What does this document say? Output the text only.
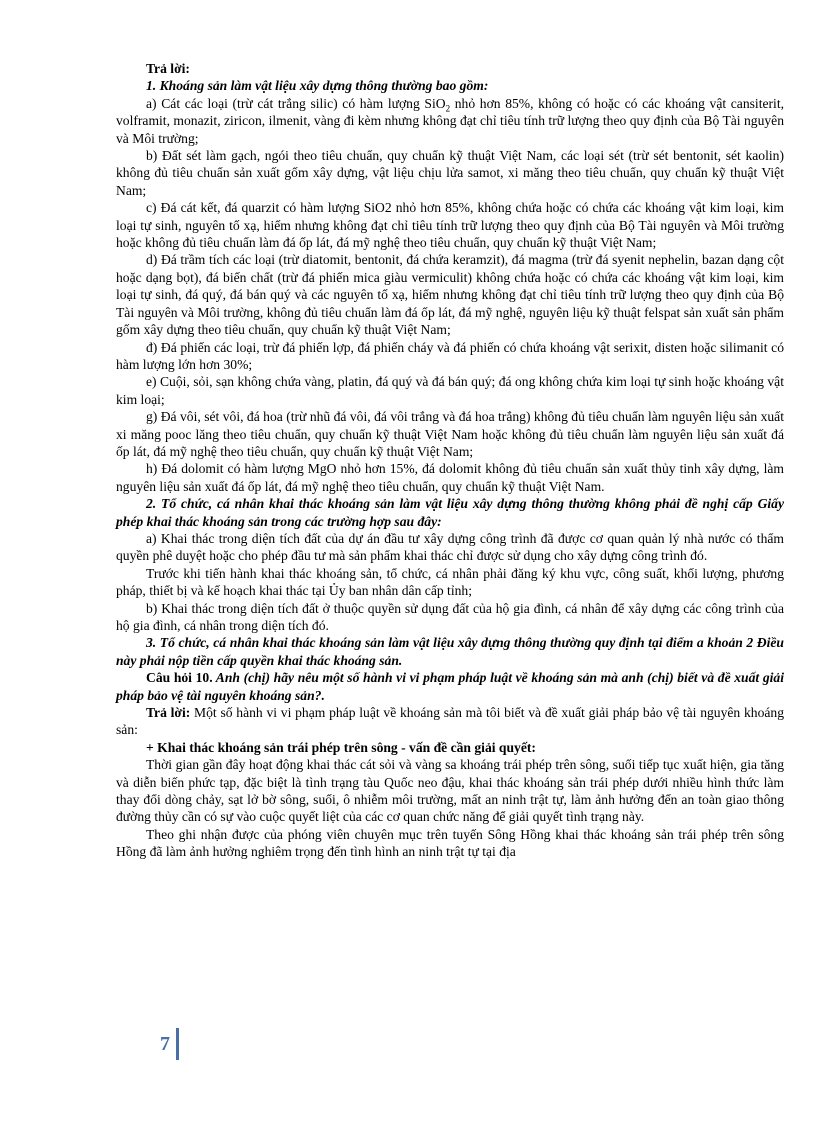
Trả lời:

1. Khoáng sản làm vật liệu xây dựng thông thường bao gồm:

a) Cát các loại (trừ cát trắng silic) có hàm lượng SiO$_2$ nhỏ hơn 85%, không có hoặc có các khoáng vật cansiterit, volframit, monazit, ziricon, ilmenit, vàng đi kèm nhưng không đạt chỉ tiêu tính trữ lượng theo quy định của Bộ Tài nguyên và Môi trường;

b) Đất sét làm gạch, ngói theo tiêu chuẩn, quy chuẩn kỹ thuật Việt Nam, các loại sét (trừ sét bentonit, sét kaolin) không đủ tiêu chuẩn sản xuất gốm xây dựng, vật liệu chịu lửa samot, xi măng theo tiêu chuẩn, quy chuẩn kỹ thuật Việt Nam;

c) Đá cát kết, đá quarzit có hàm lượng SiO2 nhỏ hơn 85%, không chứa hoặc có chứa các khoáng vật kim loại, kim loại tự sinh, nguyên tố xạ, hiếm nhưng không đạt chỉ tiêu tính trữ lượng theo quy định của Bộ Tài nguyên và Môi trường hoặc không đủ tiêu chuẩn làm đá ốp lát, đá mỹ nghệ theo tiêu chuẩn, quy chuẩn kỹ thuật Việt Nam;

d) Đá trầm tích các loại (trừ diatomit, bentonit, đá chứa keramzit), đá magma (trừ đá syenit nephelin, bazan dạng cột hoặc dạng bọt), đá biến chất (trừ đá phiến mica giàu vermiculit) không chứa hoặc có chứa các khoáng vật kim loại, kim loại tự sinh, đá quý, đá bán quý và các nguyên tố xạ, hiếm nhưng không đạt chỉ tiêu tính trữ lượng theo quy định của Bộ Tài nguyên và Môi trường, không đủ tiêu chuẩn làm đá ốp lát, đá mỹ nghệ, nguyên liệu kỹ thuật felspat sản xuất sản phẩm gốm xây dựng theo tiêu chuẩn, quy chuẩn kỹ thuật Việt Nam;

đ) Đá phiến các loại, trừ đá phiến lợp, đá phiến cháy và đá phiến có chứa khoáng vật serixit, disten hoặc silimanit có hàm lượng lớn hơn 30%;

e) Cuội, sỏi, sạn không chứa vàng, platin, đá quý và đá bán quý; đá ong không chứa kim loại tự sinh hoặc khoáng vật kim loại;

g) Đá vôi, sét vôi, đá hoa (trừ nhũ đá vôi, đá vôi trắng và đá hoa trắng) không đủ tiêu chuẩn làm nguyên liệu sản xuất xi măng pooc lăng theo tiêu chuẩn, quy chuẩn kỹ thuật Việt Nam hoặc không đủ tiêu chuẩn làm nguyên liệu sản xuất đá ốp lát, đá mỹ nghệ theo tiêu chuẩn, quy chuẩn kỹ thuật Việt Nam;

h) Đá dolomit có hàm lượng MgO nhỏ hơn 15%, đá dolomit không đủ tiêu chuẩn sản xuất thủy tinh xây dựng, làm nguyên liệu sản xuất đá ốp lát, đá mỹ nghệ theo tiêu chuẩn, quy chuẩn kỹ thuật Việt Nam.

2. Tổ chức, cá nhân khai thác khoáng sản làm vật liệu xây dựng thông thường không phải đề nghị cấp Giấy phép khai thác khoáng sản trong các trường hợp sau đây:

a) Khai thác trong diện tích đất của dự án đầu tư xây dựng công trình đã được cơ quan quản lý nhà nước có thẩm quyền phê duyệt hoặc cho phép đầu tư mà sản phẩm khai thác chỉ được sử dụng cho xây dựng công trình đó.

Trước khi tiến hành khai thác khoáng sản, tổ chức, cá nhân phải đăng ký khu vực, công suất, khối lượng, phương pháp, thiết bị và kế hoạch khai thác tại Ủy ban nhân dân cấp tỉnh;

b) Khai thác trong diện tích đất ở thuộc quyền sử dụng đất của hộ gia đình, cá nhân để xây dựng các công trình của hộ gia đình, cá nhân trong diện tích đó.

3. Tổ chức, cá nhân khai thác khoáng sản làm vật liệu xây dựng thông thường quy định tại điểm a khoản 2 Điều này phải nộp tiền cấp quyền khai thác khoáng sản.

Câu hỏi 10. Anh (chị) hãy nêu một số hành vi vi phạm pháp luật về khoáng sản mà anh (chị) biết và đề xuất giải pháp bảo vệ tài nguyên khoáng sản?.

Trả lời: Một số hành vi vi phạm pháp luật về khoáng sản mà tôi biết và đề xuất giải pháp bảo vệ tài nguyên khoáng sản:

+ Khai thác khoáng sản trái phép trên sông - vấn đề cần giải quyết:

Thời gian gần đây hoạt động khai thác cát sỏi và vàng sa khoáng trái phép trên sông, suối tiếp tục xuất hiện, gia tăng và diễn biến phức tạp, đặc biệt là tình trạng tàu Quốc neo đậu, khai thác khoáng sản trái phép dưới nhiều hình thức làm thay đổi dòng chảy, sạt lở bờ sông, suối, ô nhiễm môi trường, mất an ninh trật tự, làm ảnh hưởng đến an toàn giao thông đường thủy cần có sự vào cuộc quyết liệt của các cơ quan chức năng để giải quyết tình trạng này.

Theo ghi nhận được của phóng viên chuyên mục trên tuyến Sông Hồng khai thác khoáng sản trái phép trên sông Hồng đã làm ảnh hưởng nghiêm trọng đến tình hình an ninh trật tự tại địa

7
